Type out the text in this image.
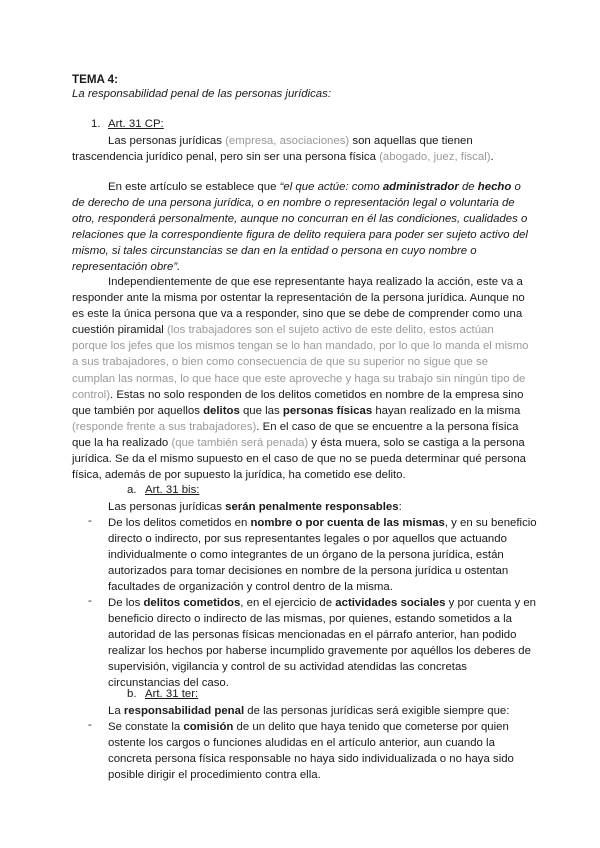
TEMA 4:
La responsabilidad penal de las personas jurídicas:
1. Art. 31 CP:
Las personas jurídicas (empresa, asociaciones) son aquellas que tienen
trascendencia jurídico penal, pero sin ser una persona física (abogado, juez, fiscal).
En este artículo se establece que “el que actúe: como administrador de hecho o de derecho de una persona jurídica, o en nombre o representación legal o voluntaria de otro, responderá personalmente, aunque no concurran en él las condiciones, cualidades o relaciones que la correspondiente figura de delito requiera para poder ser sujeto activo del mismo, si tales circunstancias se dan en la entidad o persona en cuyo nombre o representación obre”.
Independientemente de que ese representante haya realizado la acción, este va a responder ante la misma por ostentar la representación de la persona jurídica. Aunque no es este la única persona que va a responder, sino que se debe de comprender como una cuestión piramidal (los trabajadores son el sujeto activo de este delito, estos actúan porque los jefes que los mismos tengan se lo han mandado, por lo que lo manda el mismo a sus trabajadores, o bien como consecuencia de que su superior no sigue que se cumplan las normas, lo que hace que este aproveche y haga su trabajo sin ningún tipo de control). Estas no solo responden de los delitos cometidos en nombre de la empresa sino que también por aquellos delitos que las personas físicas hayan realizado en la misma (responde frente a sus trabajadores). En el caso de que se encuentre a la persona física que la ha realizado (que también será penada) y ésta muera, solo se castiga a la persona jurídica. Se da el mismo supuesto en el caso de que no se pueda determinar qué persona física, además de por supuesto la jurídica, ha cometido ese delito.
a. Art. 31 bis:
Las personas jurídicas serán penalmente responsables:
- De los delitos cometidos en nombre o por cuenta de las mismas, y en su beneficio directo o indirecto, por sus representantes legales o por aquellos que actuando individualmente o como integrantes de un órgano de la persona jurídica, están autorizados para tomar decisiones en nombre de la persona jurídica u ostentan facultades de organización y control dentro de la misma.
- De los delitos cometidos, en el ejercicio de actividades sociales y por cuenta y en beneficio directo o indirecto de las mismas, por quienes, estando sometidos a la autoridad de las personas físicas mencionadas en el párrafo anterior, han podido realizar los hechos por haberse incumplido gravemente por aquéllos los deberes de supervisión, vigilancia y control de su actividad atendidas las concretas circunstancias del caso.
b. Art. 31 ter:
La responsabilidad penal de las personas jurídicas será exigible siempre que:
- Se constate la comisión de un delito que haya tenido que cometerse por quien ostente los cargos o funciones aludidas en el artículo anterior, aun cuando la concreta persona física responsable no haya sido individualizada o no haya sido posible dirigir el procedimiento contra ella.
